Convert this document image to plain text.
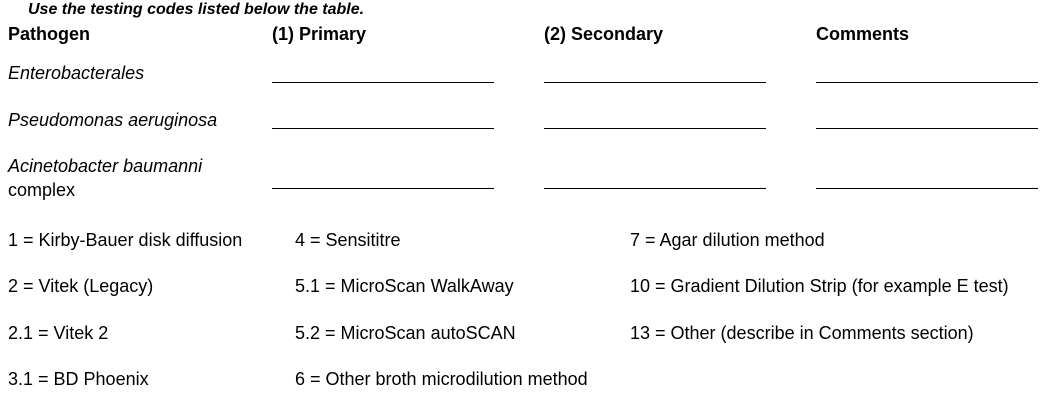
Use the testing codes listed below the table.
Pathogen	(1) Primary	(2) Secondary	Comments
Enterobacterales
Pseudomonas aeruginosa
Acinetobacter baumanni
complex
1 = Kirby-Bauer disk diffusion
2 = Vitek (Legacy)
2.1 = Vitek 2
3.1 = BD Phoenix
4 = Sensititre
5.1 = MicroScan WalkAway
5.2 = MicroScan autoSCAN
6 = Other broth microdilution method
7 = Agar dilution method
10 = Gradient Dilution Strip (for example E test)
13 = Other (describe in Comments section)
